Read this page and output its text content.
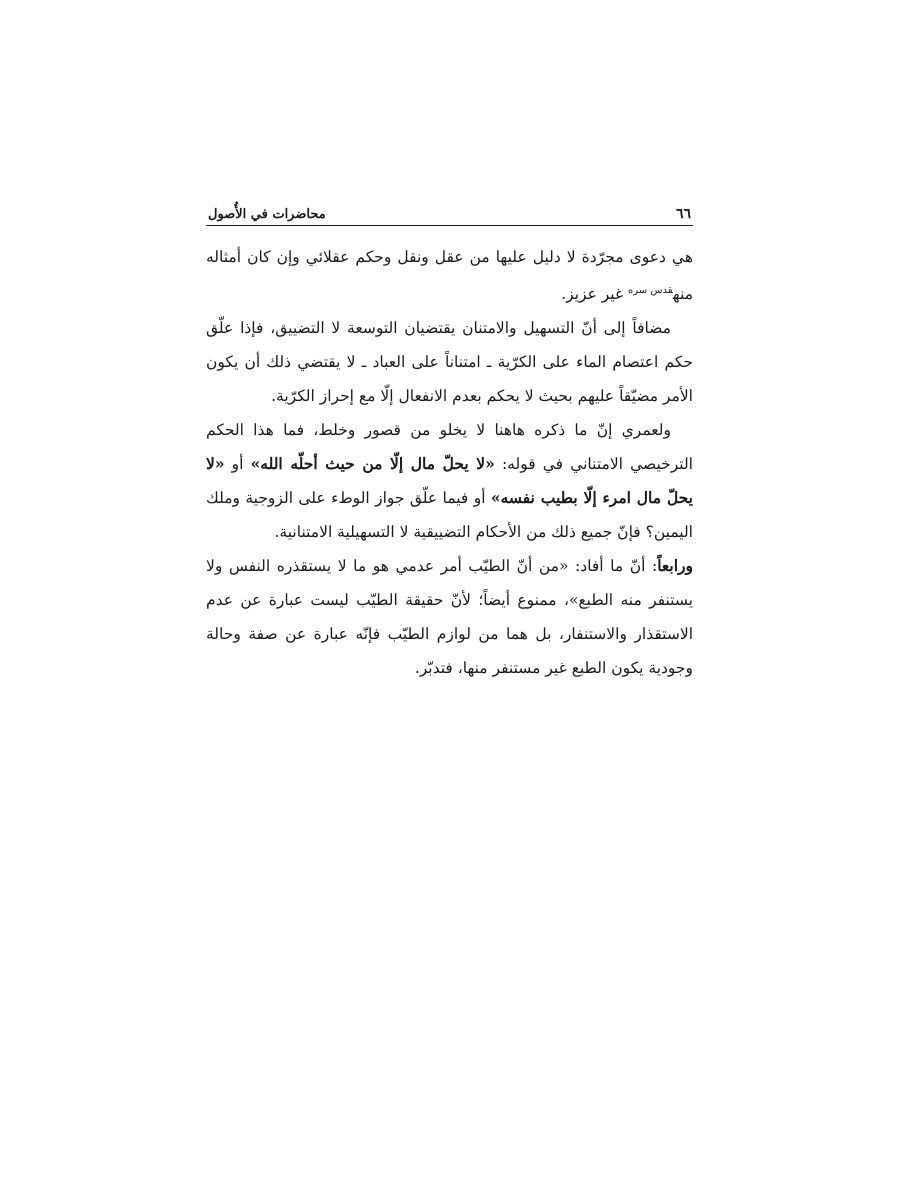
٦٦
محاضرات في الأُصول

هي دعوى مجرّدة لا دليل عليها من عقل ونقل وحكم عقلائي وإن كان أمثاله منه$^{قدس سره}$ غير عزيز.

مضافاً إلى أنّ التسهيل والامتنان يقتضيان التوسعة لا التضييق، فإذا علّق حكم اعتصام الماء على الكرّية ـ امتناناً على العباد ـ لا يقتضي ذلك أن يكون الأمر مضيّقاً عليهم بحيث لا يحكم بعدم الانفعال إلّا مع إحراز الكرّية.

ولعمري إنّ ما ذكره هاهنا لا يخلو من قصور وخلط، فما هذا الحكم الترخيصي الامتناني في قوله: «لا يحلّ مال إلّا من حيث أحلّه الله» أو «لا يحلّ مال امرء إلّا بطيب نفسه» أو فيما علّق جواز الوطء على الزوجية وملك اليمين؟ فإنّ جميع ذلك من الأحكام التضييقية لا التسهيلية الامتنانية.

ورابعاً: أنّ ما أفاد: «من أنّ الطيّب أمر عدمي هو ما لا يستقذره النفس ولا يستنفر منه الطبع»، ممنوع أيضاً؛ لأنّ حقيقة الطيّب ليست عبارة عن عدم الاستقذار والاستنفار، بل هما من لوازم الطيّب فإنّه عبارة عن صفة وحالة وجودية يكون الطبع غير مستنفر منها، فتدبّر.
